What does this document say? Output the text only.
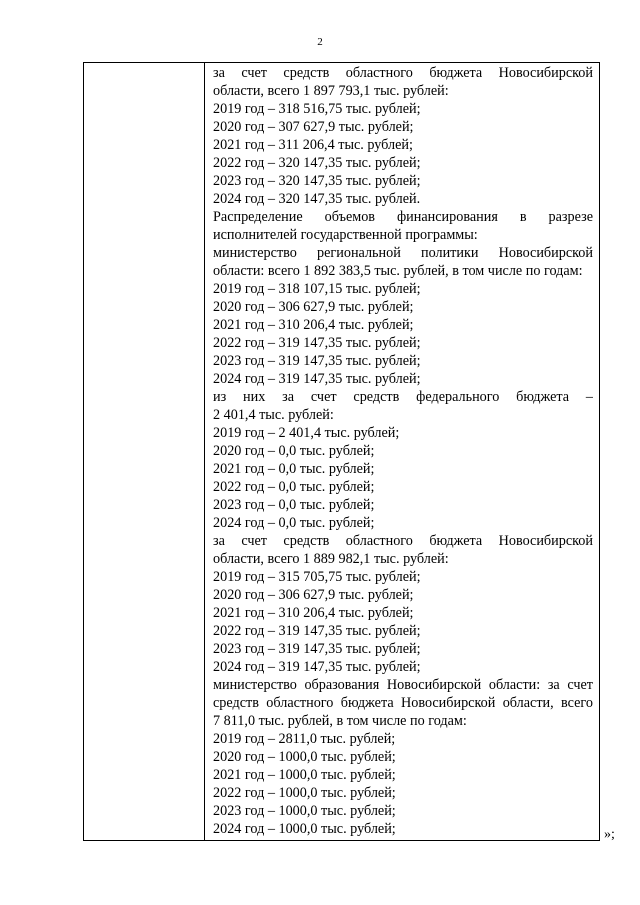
2
за счет средств областного бюджета Новосибирской
области, всего 1 897 793,1 тыс. рублей:
2019 год – 318 516,75 тыс. рублей;
2020 год – 307 627,9 тыс. рублей;
2021 год – 311 206,4 тыс. рублей;
2022 год – 320 147,35 тыс. рублей;
2023 год – 320 147,35 тыс. рублей;
2024 год – 320 147,35 тыс. рублей.
Распределение объемов финансирования в разрезе
исполнителей государственной программы:
министерство региональной политики Новосибирской
области: всего 1 892 383,5 тыс. рублей, в том числе по годам:
2019 год – 318 107,15 тыс. рублей;
2020 год – 306 627,9 тыс. рублей;
2021 год – 310 206,4 тыс. рублей;
2022 год – 319 147,35 тыс. рублей;
2023 год – 319 147,35 тыс. рублей;
2024 год – 319 147,35 тыс. рублей;
из них за счет средств федерального бюджета –
2 401,4 тыс. рублей:
2019 год – 2 401,4 тыс. рублей;
2020 год – 0,0 тыс. рублей;
2021 год – 0,0 тыс. рублей;
2022 год – 0,0 тыс. рублей;
2023 год – 0,0 тыс. рублей;
2024 год – 0,0 тыс. рублей;
за счет средств областного бюджета Новосибирской
области, всего 1 889 982,1 тыс. рублей:
2019 год – 315 705,75 тыс. рублей;
2020 год – 306 627,9 тыс. рублей;
2021 год – 310 206,4 тыс. рублей;
2022 год – 319 147,35 тыс. рублей;
2023 год – 319 147,35 тыс. рублей;
2024 год – 319 147,35 тыс. рублей;
министерство образования Новосибирской области: за счет
средств областного бюджета Новосибирской области, всего
7 811,0 тыс. рублей, в том числе по годам:
2019 год – 2811,0 тыс. рублей;
2020 год – 1000,0 тыс. рублей;
2021 год – 1000,0 тыс. рублей;
2022 год – 1000,0 тыс. рублей;
2023 год – 1000,0 тыс. рублей;
2024 год – 1000,0 тыс. рублей;	»;
